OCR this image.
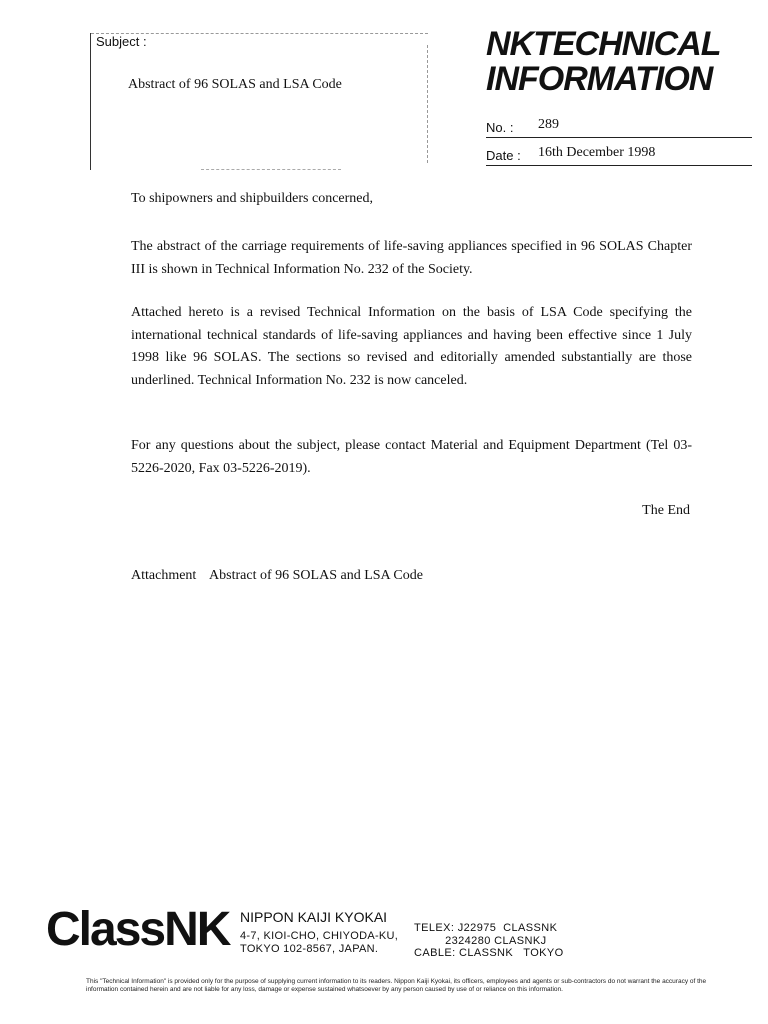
Subject :
Abstract of 96 SOLAS and LSA Code
NKTECHNICAL
INFORMATION
No. : 289
Date : 16th December 1998
To shipowners and shipbuilders concerned,
The abstract of the carriage requirements of life-saving appliances specified in 96 SOLAS Chapter III is shown in Technical Information No. 232 of the Society.
Attached hereto is a revised Technical Information on the basis of LSA Code specifying the international technical standards of life-saving appliances and having been effective since 1 July 1998 like 96 SOLAS. The sections so revised and editorially amended substantially are those underlined. Technical Information No. 232 is now canceled.
For any questions about the subject, please contact Material and Equipment Department (Tel 03-5226-2020, Fax 03-5226-2019).
The End
Attachment Abstract of 96 SOLAS and LSA Code
ClassNK NIPPON KAIJI KYOKAI
4-7, KIOI-CHO, CHIYODA-KU,
TOKYO 102-8567, JAPAN.
TELEX: J22975  CLASSNK
2324280 CLASNKJ
CABLE: CLASSNK   TOKYO
This "Technical Information" is provided only for the purpose of supplying current information to its readers. Nippon Kaiji Kyokai, its officers, employees and agents or sub-contractors do not warrant the accuracy of the information contained herein and are not liable for any loss, damage or expense sustained whatsoever by any person caused by use of or reliance on this information.
